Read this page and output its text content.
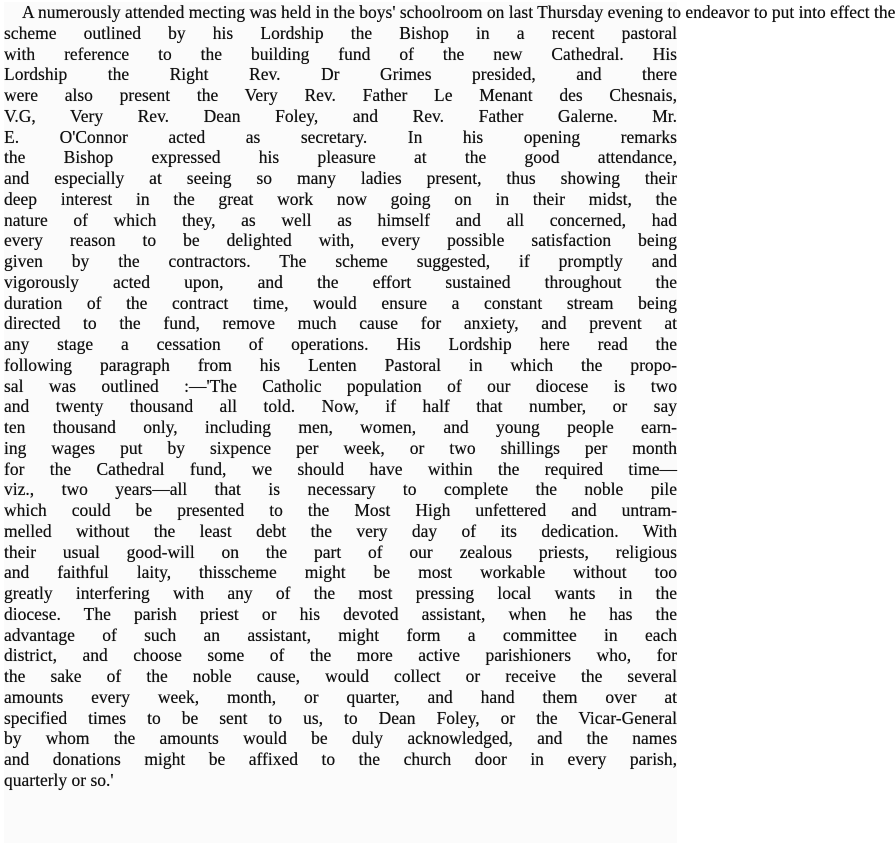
A numerously attended mecting was held in the boys' schoolroom on last Thursday evening to endeavor to put into effect the
scheme outlined by his Lordship the Bishop in a recent pastoral
with reference to the building fund of the new Cathedral. His
Lordship the Right Rev. Dr Grimes presided, and there
were also present the Very Rev. Father Le Menant des Chesnais,
V.G, Very Rev. Dean Foley, and Rev. Father Galerne. Mr.
E. O'Connor acted as secretary. In his opening remarks
the Bishop expressed his pleasure at the good attendance,
and especially at seeing so many ladies present, thus showing their
deep interest in the great work now going on in their midst, the
nature of which they, as well as himself and all concerned, had
every reason to be delighted with, every possible satisfaction being
given by the contractors. The scheme suggested, if promptly and
vigorously acted upon, and the effort sustained throughout the
duration of the contract time, would ensure a constant stream being
directed to the fund, remove much cause for anxiety, and prevent at
any stage a cessation of operations. His Lordship here read the
following paragraph from his Lenten Pastoral in which the propo-
sal was outlined :—'The Catholic population of our diocese is two
and twenty thousand all told. Now, if half that number, or say
ten thousand only, including men, women, and young people earn-
ing wages put by sixpence per week, or two shillings per month
for the Cathedral fund, we should have within the required time—
viz., two years—all that is necessary to complete the noble pile
which could be presented to the Most High unfettered and untram-
melled without the least debt the very day of its dedication. With
their usual good-will on the part of our zealous priests, religious
and faithful laity, thisscheme might be most workable without too
greatly interfering with any of the most pressing local wants in the
diocese. The parish priest or his devoted assistant, when he has the
advantage of such an assistant, might form a committee in each
district, and choose some of the more active parishioners who, for
the sake of the noble cause, would collect or receive the several
amounts every week, month, or quarter, and hand them over at
specified times to be sent to us, to Dean Foley, or the Vicar-General
by whom the amounts would be duly acknowledged, and the names
and donations might be affixed to the church door in every parish,
quarterly or so.'
